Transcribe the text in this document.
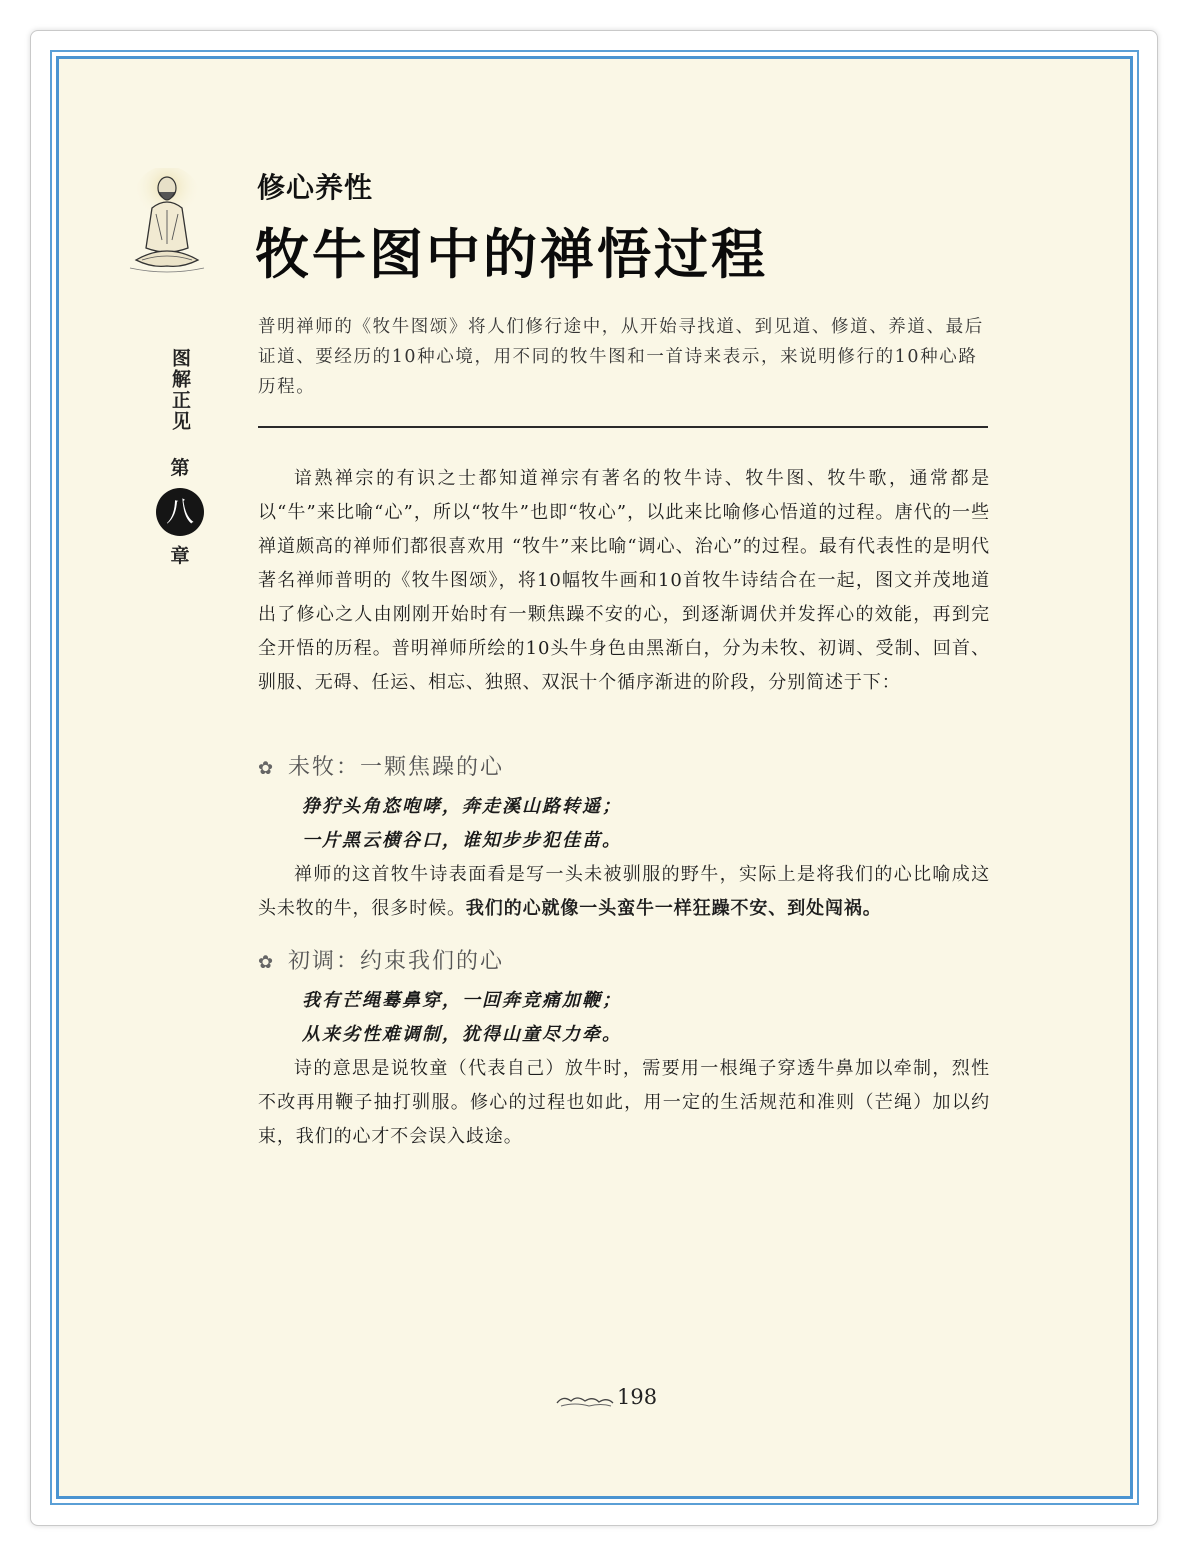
图解正见
第
八
章
修心养性
牧牛图中的禅悟过程
普明禅师的《牧牛图颂》将人们修行途中，从开始寻找道、到见道、修道、养道、最后证道、要经历的10种心境，用不同的牧牛图和一首诗来表示，来说明修行的10种心路历程。
谙熟禅宗的有识之士都知道禅宗有著名的牧牛诗、牧牛图、牧牛歌，通常都是以“牛”来比喻“心”，所以“牧牛”也即“牧心”，以此来比喻修心悟道的过程。唐代的一些禅道颇高的禅师们都很喜欢用 “牧牛”来比喻“调心、治心”的过程。最有代表性的是明代著名禅师普明的《牧牛图颂》，将10幅牧牛画和10首牧牛诗结合在一起，图文并茂地道出了修心之人由刚刚开始时有一颗焦躁不安的心，到逐渐调伏并发挥心的效能，再到完全开悟的历程。普明禅师所绘的10头牛身色由黑渐白，分为未牧、初调、受制、回首、驯服、无碍、任运、相忘、独照、双泯十个循序渐进的阶段，分别简述于下：
✿ 未牧：一颗焦躁的心
狰狞头角恣咆哮，奔走溪山路转遥；
一片黑云横谷口，谁知步步犯佳苗。
禅师的这首牧牛诗表面看是写一头未被驯服的野牛，实际上是将我们的心比喻成这头未牧的牛，很多时候。我们的心就像一头蛮牛一样狂躁不安、到处闯祸。
✿ 初调：约束我们的心
我有芒绳蓦鼻穿，一回奔竞痛加鞭；
从来劣性难调制，犹得山童尽力牵。
诗的意思是说牧童（代表自己）放牛时，需要用一根绳子穿透牛鼻加以牵制，烈性不改再用鞭子抽打驯服。修心的过程也如此，用一定的生活规范和准则（芒绳）加以约束，我们的心才不会误入歧途。
198
